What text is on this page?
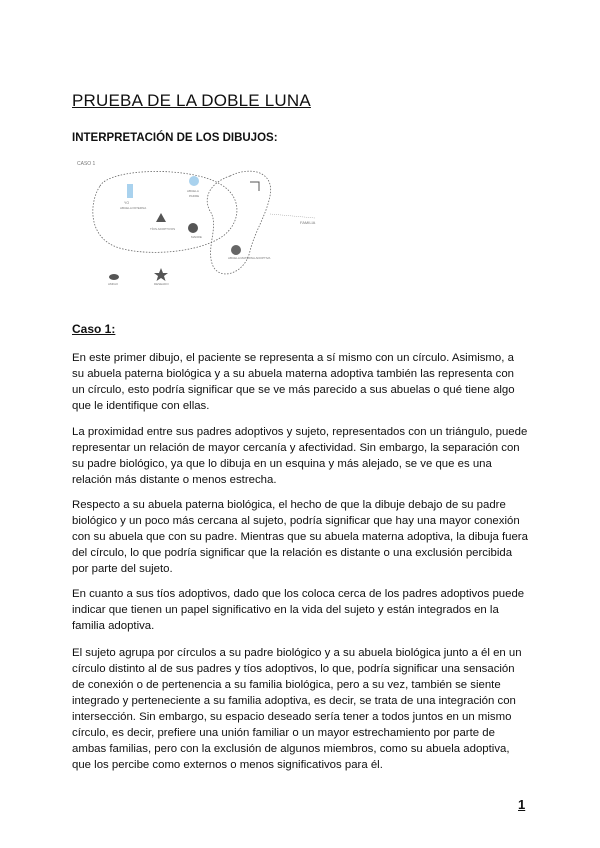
PRUEBA DE LA DOBLE LUNA
INTERPRETACIÓN DE LOS DIBUJOS:
CASO 1
FAMILIA
YO
ABUELA PATERNA
ABUELA
PADRE
TÍOS ADOPTIVOS
MADRE
ABUELA MATERNA ADOPTIVA
AMIGO	DESEADO
Caso 1:

En este primer dibujo, el paciente se representa a sí mismo con un círculo. Asimismo, a su abuela paterna biológica y a su abuela materna adoptiva también las representa con un círculo, esto podría significar que se ve más parecido a sus abuelas o qué tiene algo que le identifique con ellas.

La proximidad entre sus padres adoptivos y sujeto, representados con un triángulo, puede representar un relación de mayor cercanía y afectividad. Sin embargo, la separación con su padre biológico, ya que lo dibuja en un esquina y más alejado, se ve que es una relación más distante o menos estrecha.

Respecto a su abuela paterna biológica, el hecho de que la dibuje debajo de su padre biológico y un poco más cercana al sujeto, podría significar que hay una mayor conexión con su abuela que con su padre. Mientras que su abuela materna adoptiva, la dibuja fuera del círculo, lo que podría significar que la relación es distante o una exclusión percibida por parte del sujeto.

En cuanto a sus tíos adoptivos, dado que los coloca cerca de los padres adoptivos puede indicar que tienen un papel significativo en la vida del sujeto y están integrados en la familia adoptiva.

El sujeto agrupa por círculos a su padre biológico y a su abuela biológica junto a él en un círculo distinto al de sus padres y tíos adoptivos, lo que, podría significar una sensación de conexión o de pertenencia a su familia biológica, pero a su vez, también se siente integrado y perteneciente a su familia adoptiva, es decir, se trata de una integración con intersección. Sin embargo, su espacio deseado sería tener a todos juntos en un mismo círculo, es decir, prefiere una unión familiar o un mayor estrechamiento por parte de ambas familias, pero con la exclusión de algunos miembros, como su abuela adoptiva, que los percibe como externos o menos significativos para él.

1
